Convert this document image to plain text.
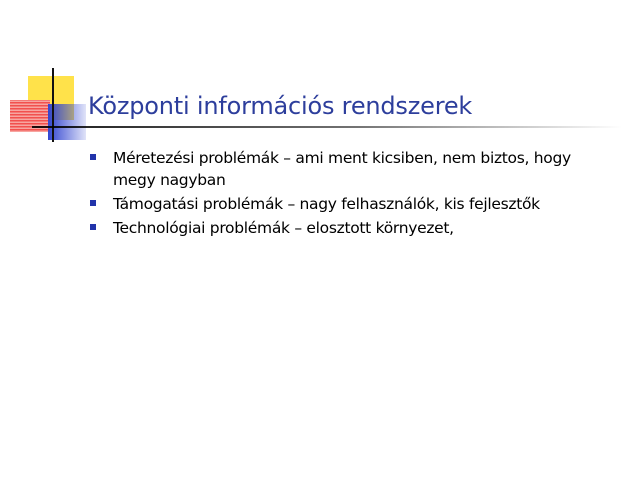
Központi információs rendszerek
Méretezési problémák – ami ment kicsiben, nem biztos, hogy megy nagyban
Támogatási problémák – nagy felhasználók, kis fejlesztők
Technológiai problémák – elosztott környezet,
